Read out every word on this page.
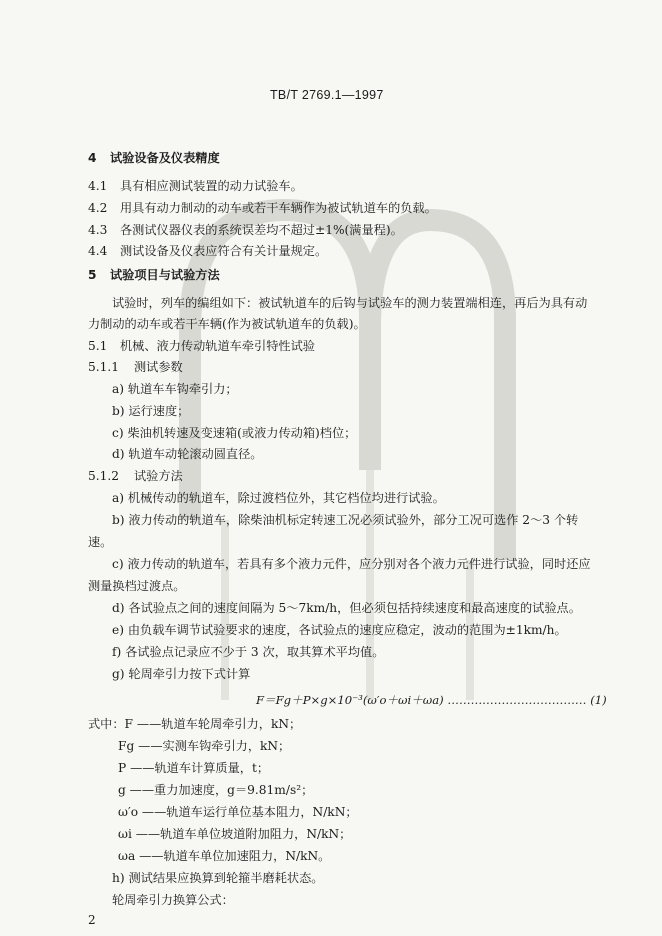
TB/T 2769.1—1997
4 试验设备及仪表精度
4.1 具有相应测试装置的动力试验车。
4.2 用具有动力制动的动车或若干车辆作为被试轨道车的负载。
4.3 各测试仪器仪表的系统误差均不超过±1%(满量程)。
4.4 测试设备及仪表应符合有关计量规定。
5 试验项目与试验方法
试验时，列车的编组如下：被试轨道车的后钩与试验车的测力装置端相连，再后为具有动
力制动的动车或若干车辆(作为被试轨道车的负载)。
5.1 机械、液力传动轨道车牵引特性试验
5.1.1 测试参数
a) 轨道车车钩牵引力；
b) 运行速度；
c) 柴油机转速及变速箱(或液力传动箱)档位；
d) 轨道车动轮滚动圆直径。
5.1.2 试验方法
a) 机械传动的轨道车，除过渡档位外，其它档位均进行试验。
b) 液力传动的轨道车，除柴油机标定转速工况必须试验外，部分工况可选作 2～3 个转
速。
c) 液力传动的轨道车，若具有多个液力元件，应分别对各个液力元件进行试验，同时还应
测量换档过渡点。
d) 各试验点之间的速度间隔为 5～7km/h，但必须包括持续速度和最高速度的试验点。
e) 由负载车调节试验要求的速度，各试验点的速度应稳定，波动的范围为±1km/h。
f) 各试验点记录应不少于 3 次，取其算术平均值。
g) 轮周牵引力按下式计算
F＝Fg＋P×g×10⁻³(ω′o＋ωi＋ωa) ……………………………… (1)
式中：F ——轨道车轮周牵引力，kN；
Fg ——实测车钩牵引力，kN；
P ——轨道车计算质量，t；
g ——重力加速度，g＝9.81m/s²；
ω′o ——轨道车运行单位基本阻力，N/kN；
ωi ——轨道车单位坡道附加阻力，N/kN；
ωa ——轨道车单位加速阻力，N/kN。
h) 测试结果应换算到轮箍半磨耗状态。
轮周牵引力换算公式：
2
